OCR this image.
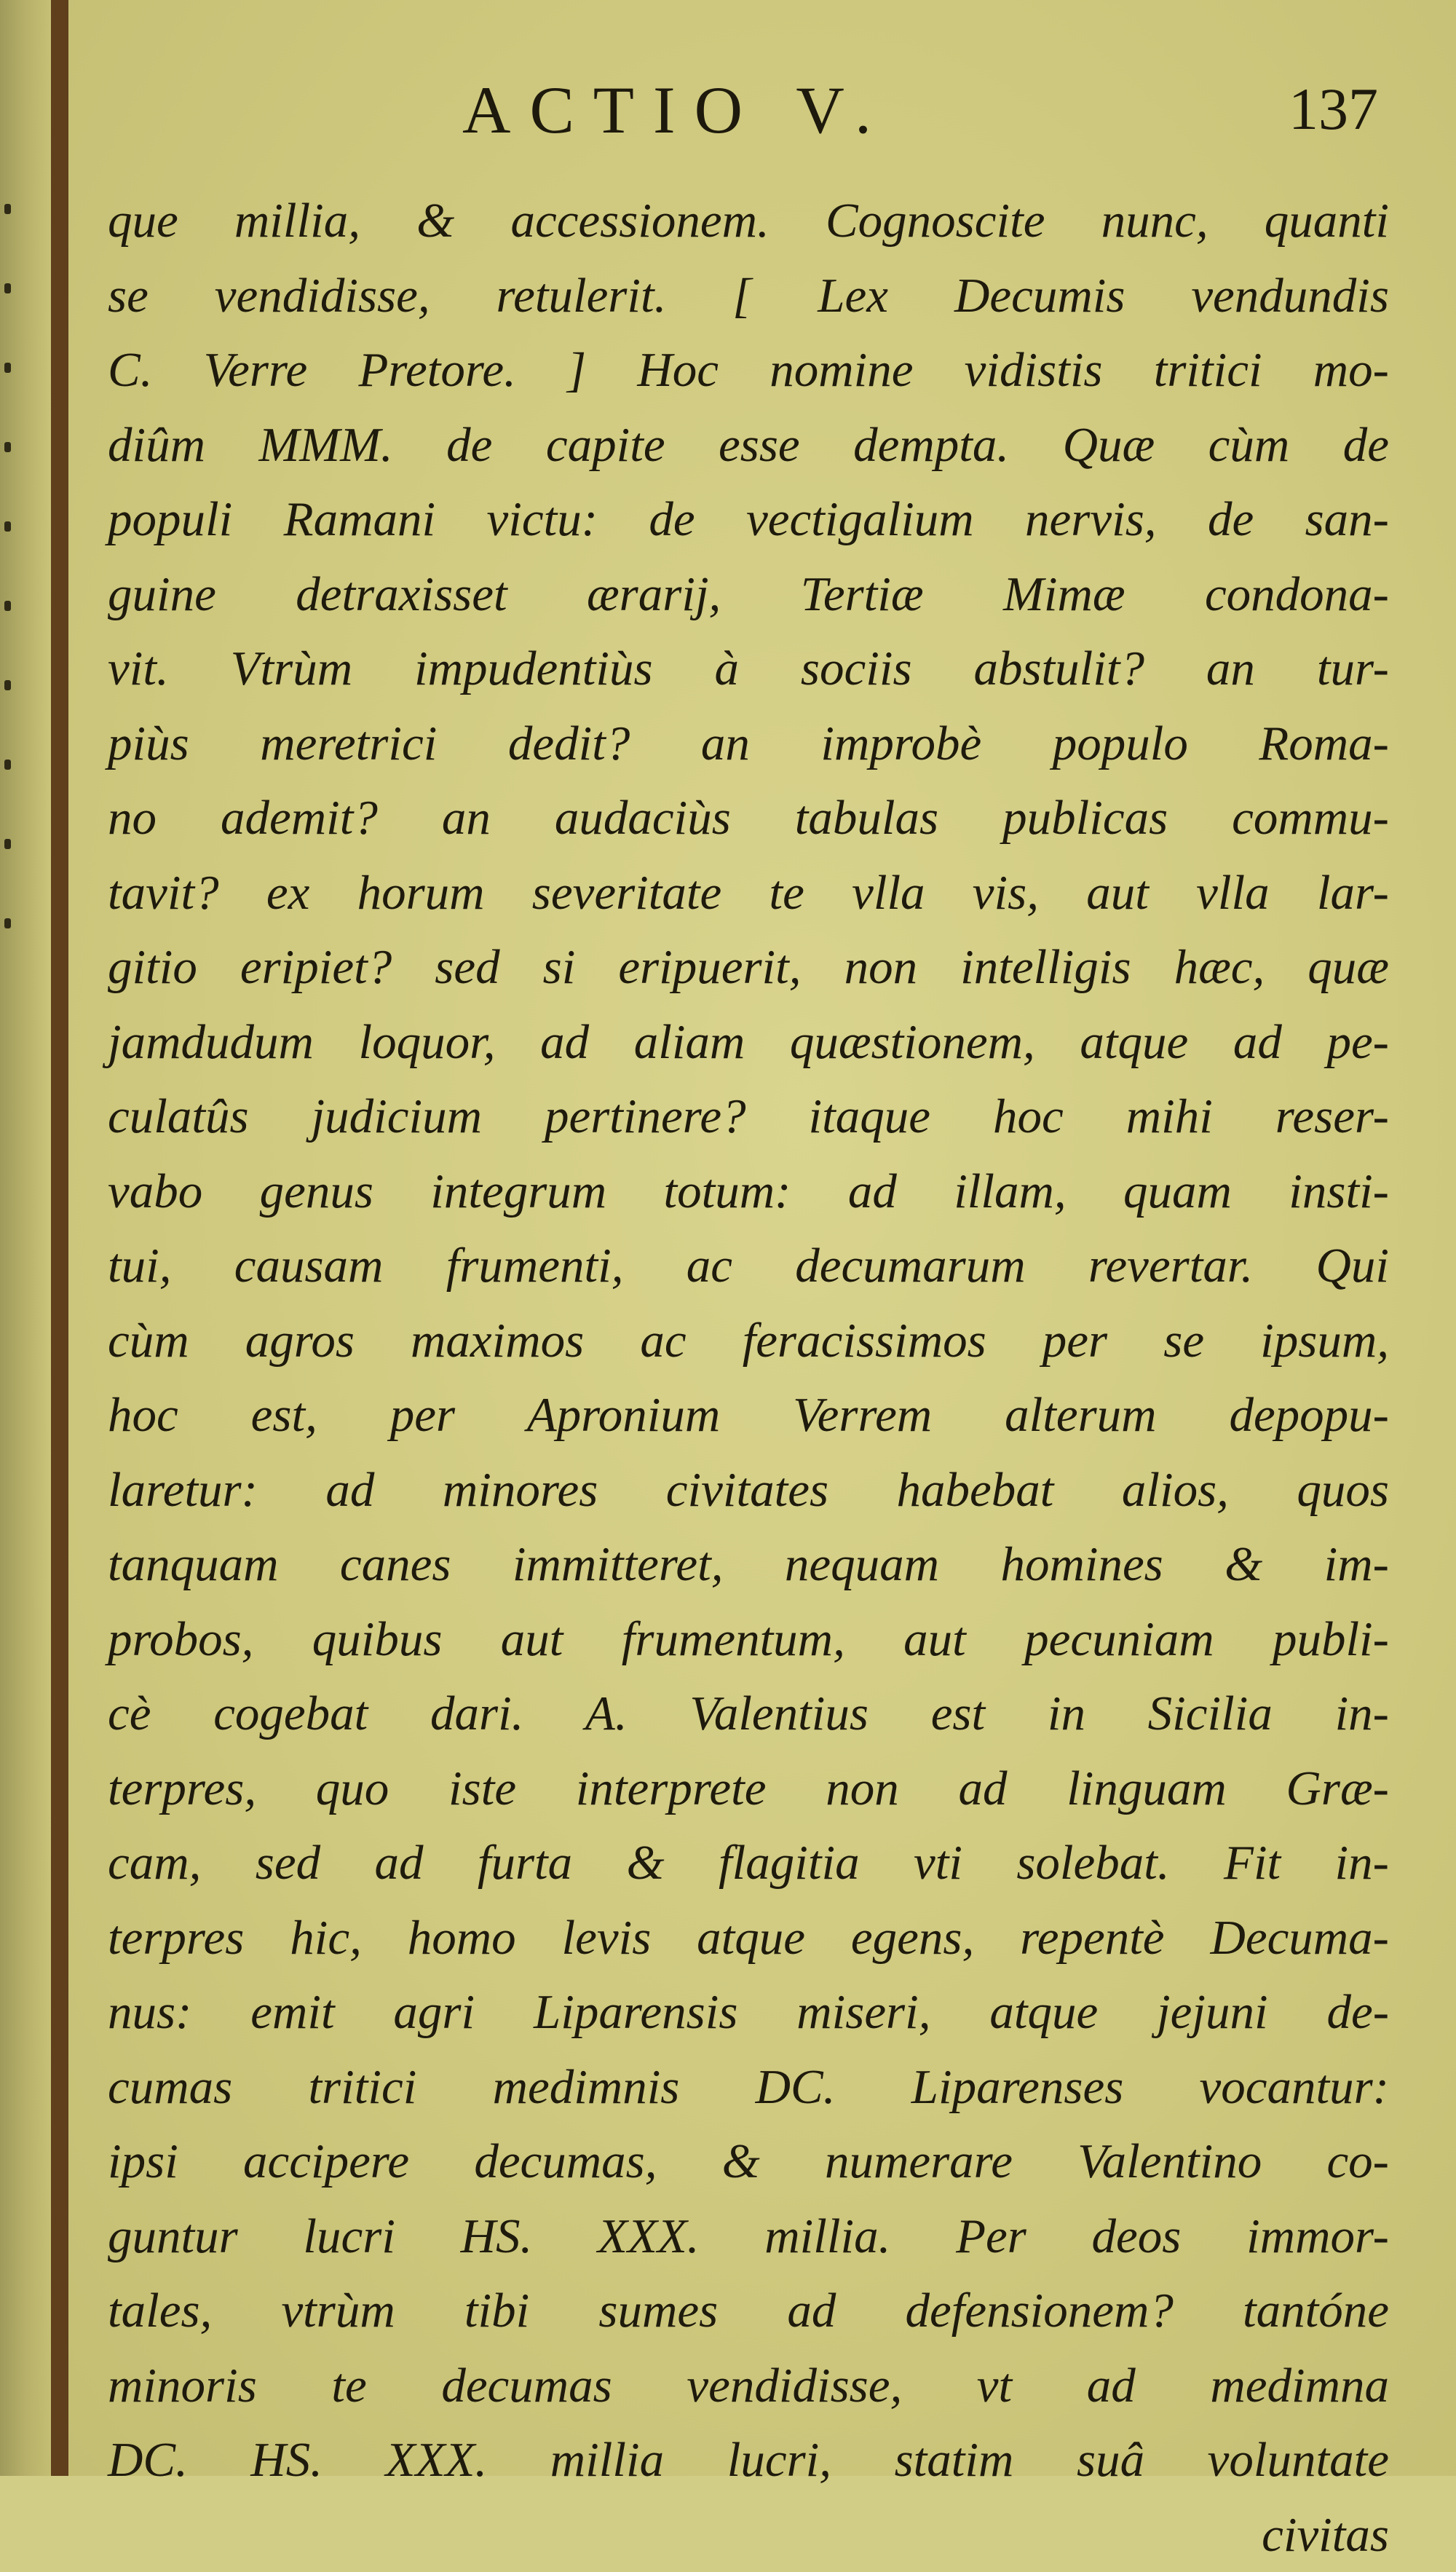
ACTIO V.	137
que millia, & accessionem. Cognoscite nunc, quanti
se vendidisse, retulerit. [ Lex Decumis vendundis
C. Verre Pretore. ] Hoc nomine vidistis tritici mo-
diûm MMM. de capite esse dempta. Quæ cùm de
populi Ramani victu: de vectigalium nervis, de san-
guine detraxisset ærarij, Tertiæ Mimæ condona-
vit. Vtrùm impudentiùs à sociis abstulit? an tur-
piùs meretrici dedit? an improbè populo Roma-
no ademit? an audaciùs tabulas publicas commu-
tavit? ex horum severitate te vlla vis, aut vlla lar-
gitio eripiet? sed si eripuerit, non intelligis hæc, quæ
jamdudum loquor, ad aliam quæstionem, atque ad pe-
culatûs judicium pertinere? itaque hoc mihi reser-
vabo genus integrum totum: ad illam, quam insti-
tui, causam frumenti, ac decumarum revertar. Qui
cùm agros maximos ac feracissimos per se ipsum,
hoc est, per Apronium Verrem alterum depopu-
laretur: ad minores civitates habebat alios, quos
tanquam canes immitteret, nequam homines & im-
probos, quibus aut frumentum, aut pecuniam publi-
cè cogebat dari. A. Valentius est in Sicilia in-
terpres, quo iste interprete non ad linguam Græ-
cam, sed ad furta & flagitia vti solebat. Fit in-
terpres hic, homo levis atque egens, repentè Decuma-
nus: emit agri Liparensis miseri, atque jejuni de-
cumas tritici medimnis DC. Liparenses vocantur:
ipsi accipere decumas, & numerare Valentino co-
guntur lucri HS. XXX. millia. Per deos immor-
tales, vtrùm tibi sumes ad defensionem? tantóne
minoris te decumas vendidisse, vt ad medimna
DC. HS. XXX. millia lucri, statim suâ voluntate
civitas
